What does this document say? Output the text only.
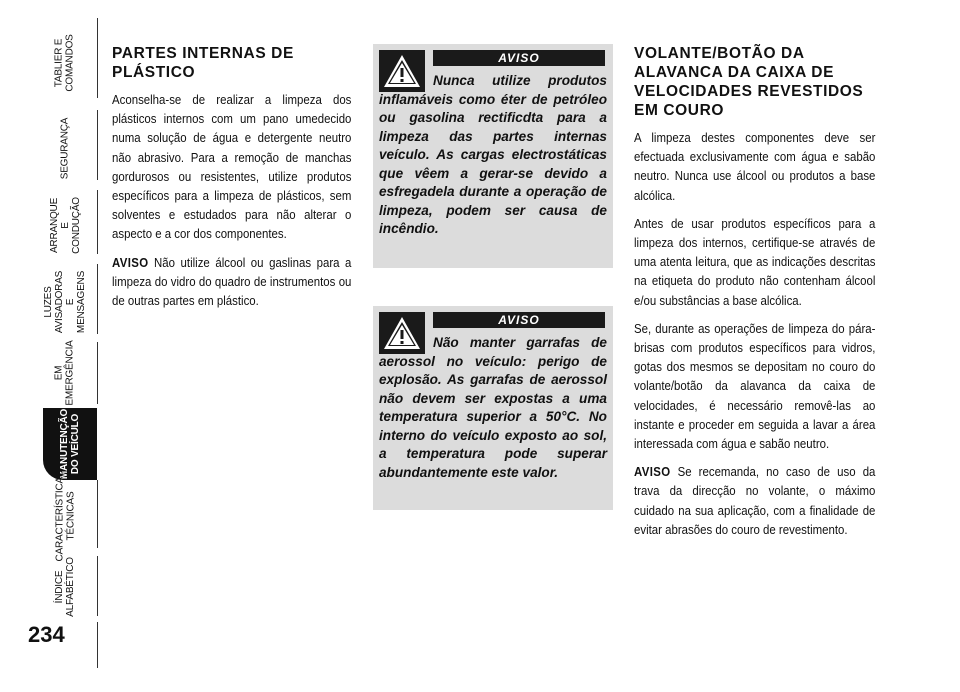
TABLIER E
COMANDOS
SEGURANÇA
ARRANQUE
E CONDUÇÃO
LUZES
AVISADORAS
E MENSAGENS
EM EMERGÊNCIA
MANUTENÇÃO
DO VEÍCULO
CARACTERÍSTICAS
TÉCNICAS
ÍNDICE
ALFABÉTICO
234
PARTES INTERNAS DE PLÁSTICO

Aconselha-se de realizar a limpeza dos plásticos internos com um pano umedecido numa solução de água e detergente neutro não abrasivo. Para a remoção de manchas gordurosos ou resistentes, utilize produtos específicos para a limpeza de plásticos, sem solventes e estudados para não alterar o aspecto e a cor dos componentes.

AVISO Não utilize álcool ou gaslinas para a limpeza do vidro do quadro de instrumentos ou de outras partes em plástico.

AVISO
Nunca utilize produtos inflamáveis como éter de petróleo ou gasolina rectificdta para a limpeza das partes internas veículo. As cargas electrostáticas que vêem a gerar-se devido a esfregadela durante a operação de limpeza, podem ser causa de incêndio.
AVISO
Não manter garrafas de aerossol no veículo: perigo de explosão. As garrafas de aerossol não devem ser expostas a uma temperatura superior a 50°C. No interno do veículo exposto ao sol, a temperatura pode superar abundantemente este valor.
VOLANTE/BOTÃO DA ALAVANCA DA CAIXA DE VELOCIDADES REVESTIDOS EM COURO

A limpeza destes componentes deve ser efectuada exclusivamente com água e sabão neutro. Nunca use álcool ou produtos a base alcólica.

Antes de usar produtos específicos para a limpeza dos internos, certifique-se através de uma atenta leitura, que as indicações descritas na etiqueta do produto não contenham álcool e/ou substâncias a base alcólica.

Se, durante as operações de limpeza do pára-brisas com produtos específicos para vidros, gotas dos mesmos se depositam no couro do volante/botão da alavanca da caixa de velocidades, é necessário removê-las ao instante e proceder em seguida a lavar a área interessada com água e sabão neutro.

AVISO Se recemanda, no caso de uso da trava da direcção no volante, o máximo cuidado na sua aplicação, com a finalidade de evitar abrasões do couro de revestimento.
